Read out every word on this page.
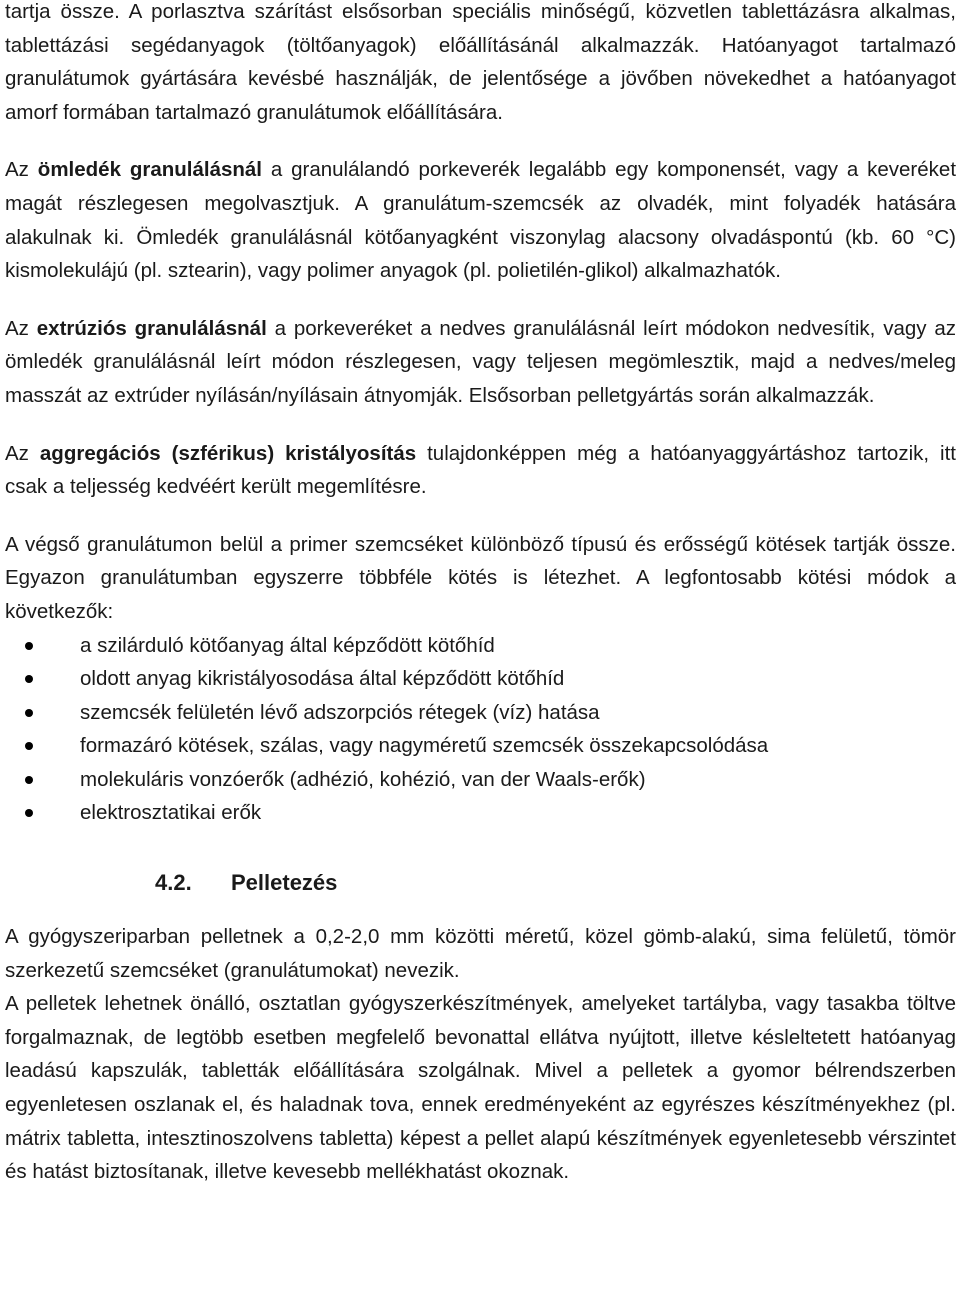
tartja össze. A porlasztva szárítást elsősorban speciális minőségű, közvetlen tablettázásra alkalmas, tablettázási segédanyagok (töltőanyagok) előállításánál alkalmazzák. Hatóanyagot tartalmazó granulátumok gyártására kevésbé használják, de jelentősége a jövőben növekedhet a hatóanyagot amorf formában tartalmazó granulátumok előállítására.

Az ömledék granulálásnál a granulálandó porkeverék legalább egy komponensét, vagy a keveréket magát részlegesen megolvasztjuk. A granulátum-szemcsék az olvadék, mint folyadék hatására alakulnak ki. Ömledék granulálásnál kötőanyagként viszonylag alacsony olvadáspontú (kb. 60 °C) kismolekulájú (pl. sztearin), vagy polimer anyagok (pl. polietilén-glikol) alkalmazhatók.

Az extrúziós granulálásnál a porkeveréket a nedves granulálásnál leírt módokon nedvesítik, vagy az ömledék granulálásnál leírt módon részlegesen, vagy teljesen megömlesztik, majd a nedves/meleg masszát az extrúder nyílásán/nyílásain átnyomják. Elsősorban pelletgyártás során alkalmazzák.

Az aggregációs (szférikus) kristályosítás tulajdonképpen még a hatóanyaggyártáshoz tartozik, itt csak a teljesség kedvéért került megemlítésre.

A végső granulátumon belül a primer szemcséket különböző típusú és erősségű kötések tartják össze. Egyazon granulátumban egyszerre többféle kötés is létezhet. A legfontosabb kötési módok a következők:

a szilárduló kötőanyag által képződött kötőhíd
oldott anyag kikristályosodása által képződött kötőhíd
szemcsék felületén lévő adszorpciós rétegek (víz) hatása
formazáró kötések, szálas, vagy nagyméretű szemcsék összekapcsolódása
molekuláris vonzóerők (adhézió, kohézió, van der Waals-erők)
elektrosztatikai erők
4.2. Pelletezés

A gyógyszeriparban pelletnek a 0,2-2,0 mm közötti méretű, közel gömb-alakú, sima felületű, tömör szerkezetű szemcséket (granulátumokat) nevezik.

A pelletek lehetnek önálló, osztatlan gyógyszerkészítmények, amelyeket tartályba, vagy tasakba töltve forgalmaznak, de legtöbb esetben megfelelő bevonattal ellátva nyújtott, illetve késleltetett hatóanyag leadású kapszulák, tabletták előállítására szolgálnak. Mivel a pelletek a gyomor bélrendszerben egyenletesen oszlanak el, és haladnak tova, ennek eredményeként az egyrészes készítményekhez (pl. mátrix tabletta, intesztinoszolvens tabletta) képest a pellet alapú készítmények egyenletesebb vérszintet és hatást biztosítanak, illetve kevesebb mellékhatást okoznak.
